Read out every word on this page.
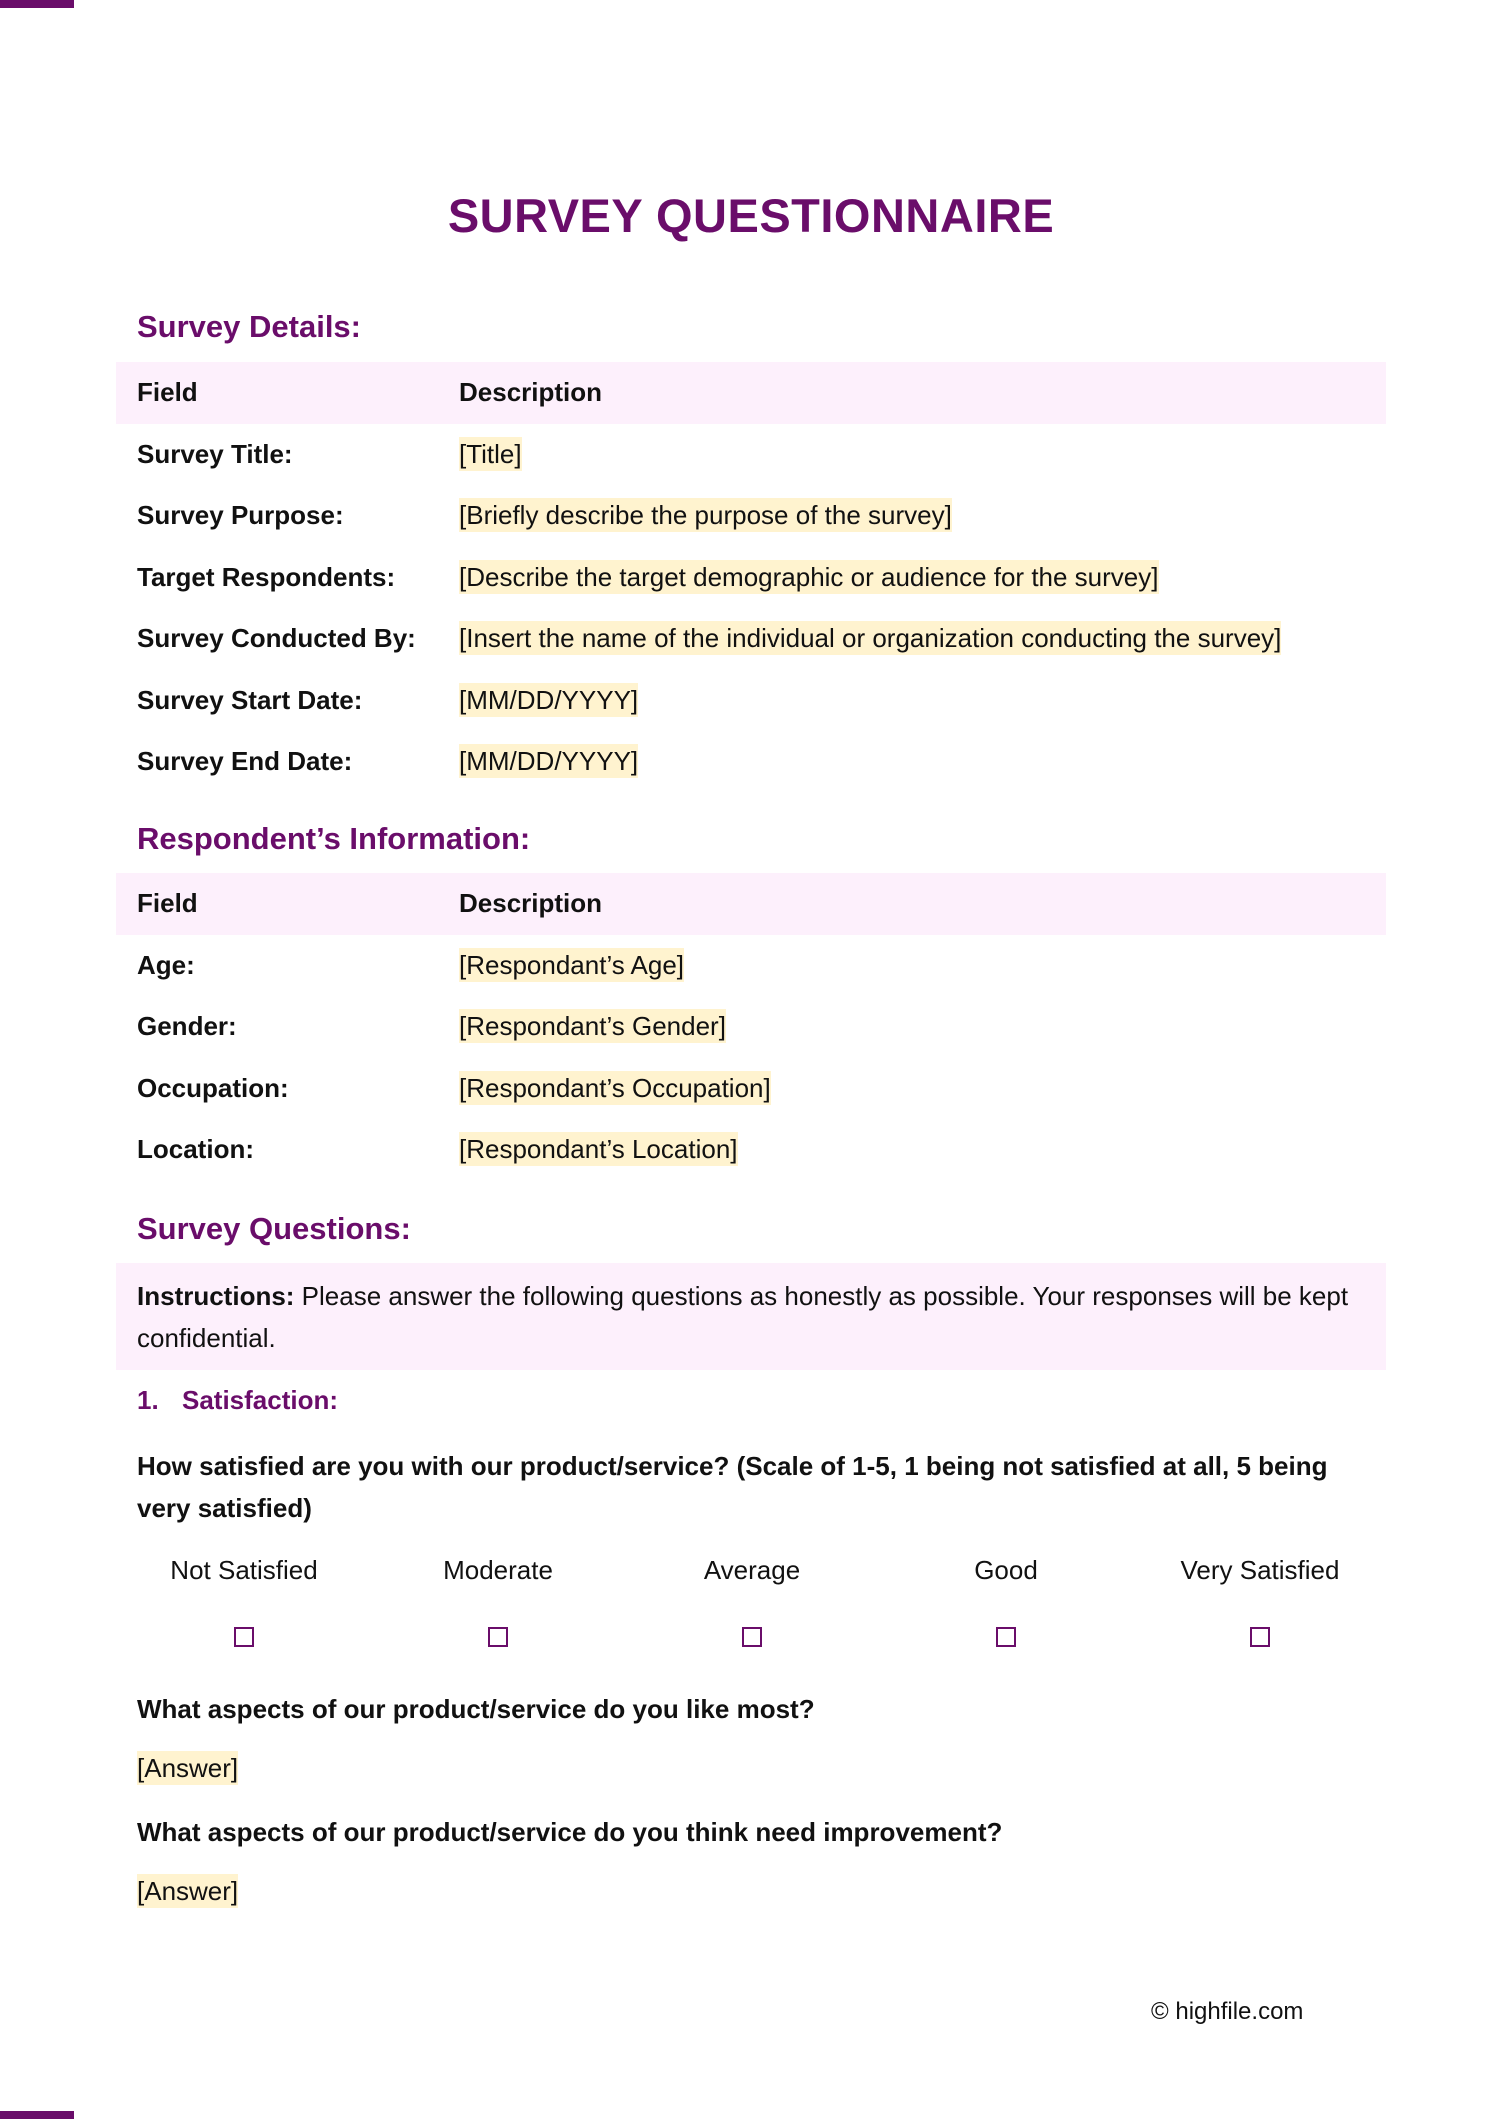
SURVEY QUESTIONNAIRE
Survey Details:
Field	Description
Survey Title:	[Title]
Survey Purpose:	[Briefly describe the purpose of the survey]
Target Respondents: [Describe the target demographic or audience for the survey]
Survey Conducted By: [Insert the name of the individual or organization conducting the survey]
Survey Start Date:	[MM/DD/YYYY]
Survey End Date:	[MM/DD/YYYY]
Respondent’s Information:
Field	Description
Age:	[Respondant’s Age]
Gender:	[Respondant’s Gender]
Occupation:	[Respondant’s Occupation]
Location:	[Respondant’s Location]
Survey Questions:
Instructions: Please answer the following questions as honestly as possible. Your responses will be kept confidential.
1. Satisfaction:
How satisfied are you with our product/service? (Scale of 1-5, 1 being not satisfied at all, 5 being very satisfied)
Not Satisfied	Moderate	Average	Good	Very Satisfied
What aspects of our product/service do you like most?
[Answer]
What aspects of our product/service do you think need improvement?
[Answer]
© highfile.com
